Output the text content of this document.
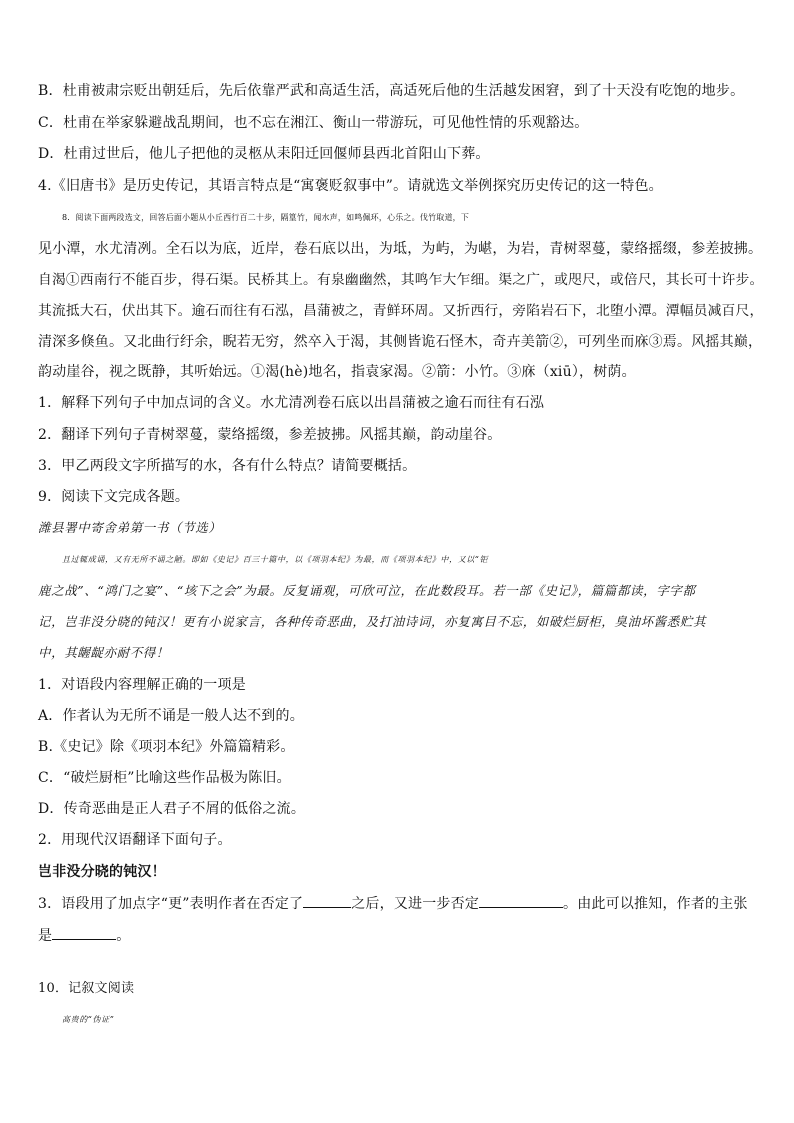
B．杜甫被肃宗贬出朝廷后，先后依靠严武和高适生活，高适死后他的生活越发困窘，到了十天没有吃饱的地步。
C．杜甫在举家躲避战乱期间，也不忘在湘江、衡山一带游玩，可见他性情的乐观豁达。
D．杜甫过世后，他儿子把他的灵柩从耒阳迁回偃师县西北首阳山下葬。
4.《旧唐书》是历史传记，其语言特点是“寓褒贬叙事中”。请就选文举例探究历史传记的这一特色。
8．阅读下面两段选文，回答后面小题从小丘西行百二十步，隔篁竹，闻水声，如鸣佩环，心乐之。伐竹取道，下
见小潭，水尤清冽。全石以为底，近岸，卷石底以出，为坻，为屿，为嵁，为岩，青树翠蔓，蒙络摇缀，参差披拂。
自渴①西南行不能百步，得石渠。民桥其上。有泉幽幽然，其鸣乍大乍细。渠之广，或咫尺，或倍尺，其长可十许步。
其流抵大石，伏出其下。逾石而往有石泓，昌蒲被之，青鲜环周。又折西行，旁陷岩石下，北堕小潭。潭幅员减百尺，
清深多倏鱼。又北曲行纡余，睨若无穷，然卒入于渴，其侧皆诡石怪木，奇卉美箭②，可列坐而庥③焉。风摇其巅，
韵动崖谷，视之既静，其听始远。①渴(hè)地名，指袁家渴。②箭：小竹。③庥（xiū），树荫。
1．解释下列句子中加点词的含义。水尤清冽卷石底以出昌蒲被之逾石而往有石泓
2．翻译下列句子青树翠蔓，蒙络摇缀，参差披拂。风摇其巅，韵动崖谷。
3．甲乙两段文字所描写的水，各有什么特点？请简要概括。
9．阅读下文完成各题。
潍县署中寄舍弟第一书（节选）
且过辄成诵，又有无所不诵之陋。即如《史记》百三十篇中，以《项羽本纪》为最，而《项羽本纪》中，又以“钜
鹿之战”、“鸿门之宴”、“垓下之会”为最。反复诵观，可欣可泣，在此数段耳。若一部《史记》，篇篇都读，字字都
记，岂非没分晓的钝汉！更有小说家言，各种传奇恶曲，及打油诗词，亦复寓目不忘，如破烂厨柜，臭油坏酱悉贮其
中，其龌龊亦耐不得！
1．对语段内容理解正确的一项是
A．作者认为无所不诵是一般人达不到的。
B.《史记》除《项羽本纪》外篇篇精彩。
C．“破烂厨柜”比喻这些作品极为陈旧。
D．传奇恶曲是正人君子不屑的低俗之流。
2．用现代汉语翻译下面句子。
岂非没分晓的钝汉！
3．语段用了加点字“更”表明作者在否定了	之后，又进一步否定	。由此可以推知，作者的主张
是	。
10．记叙文阅读
高贵的“伪证”
